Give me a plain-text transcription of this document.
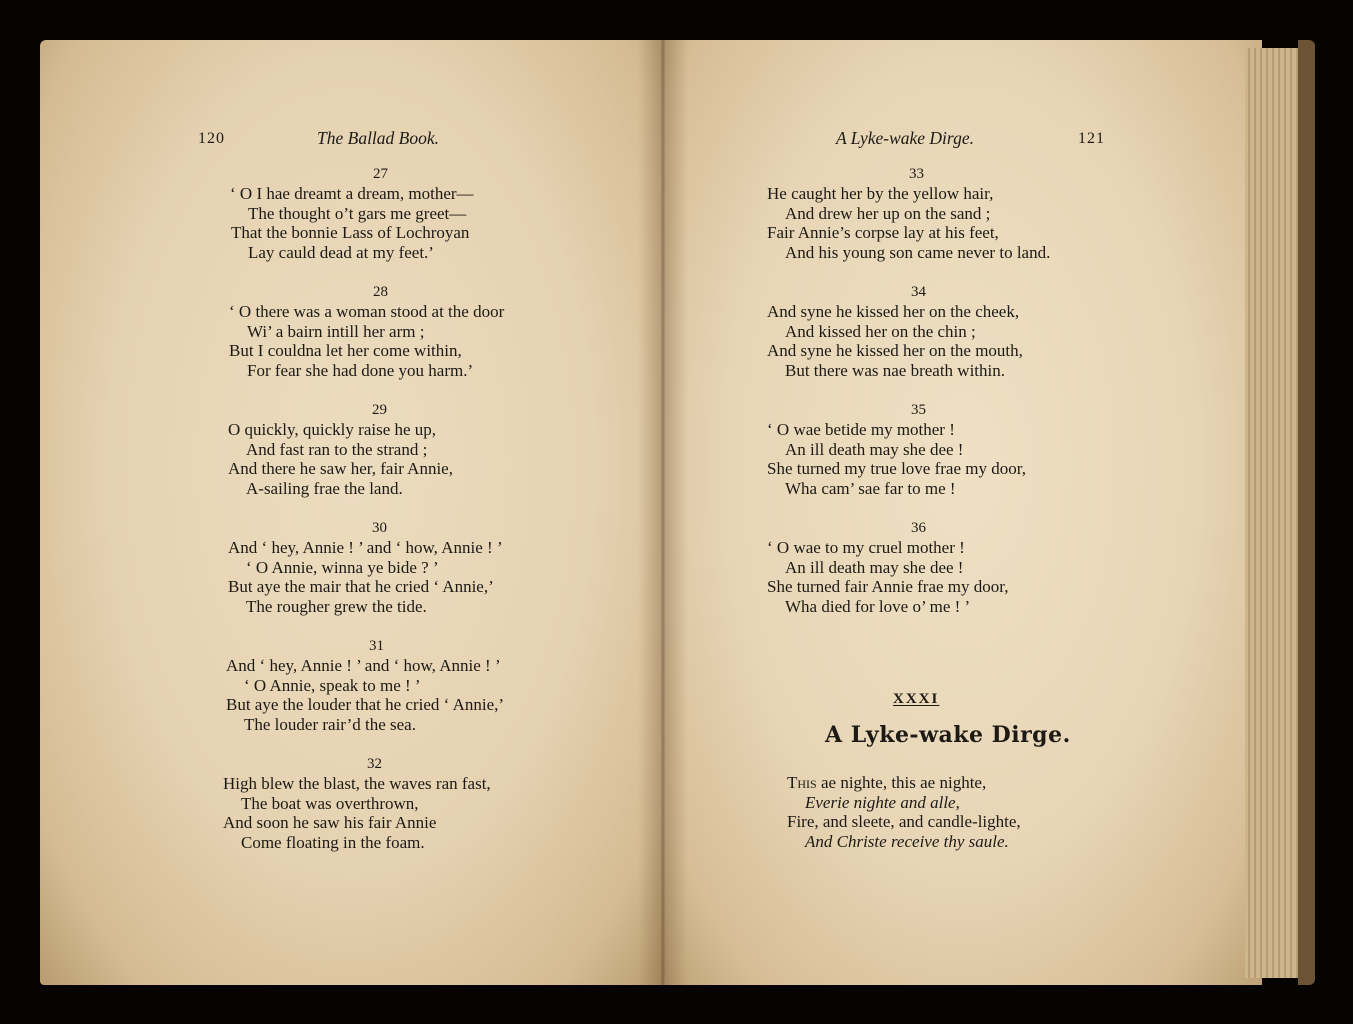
120	The Ballad Book.
27
‘ O I hae dreamt a dream, mother—
The thought o’t gars me greet—
That the bonnie Lass of Lochroyan
Lay cauld dead at my feet.’
28
‘ O there was a woman stood at the door
Wi’ a bairn intill her arm ;
But I couldna let her come within,
For fear she had done you harm.’
29
O quickly, quickly raise he up,
And fast ran to the strand ;
And there he saw her, fair Annie,
A-sailing frae the land.
30
And ‘ hey, Annie ! ’ and ‘ how, Annie ! ’
‘ O Annie, winna ye bide ? ’
But aye the mair that he cried ‘ Annie,’
The rougher grew the tide.
31
And ‘ hey, Annie ! ’ and ‘ how, Annie ! ’
‘ O Annie, speak to me ! ’
But aye the louder that he cried ‘ Annie,’
The louder rair’d the sea.
32
High blew the blast, the waves ran fast,
The boat was overthrown,
And soon he saw his fair Annie
Come floating in the foam.
A Lyke-wake Dirge.	121
33
He caught her by the yellow hair,
And drew her up on the sand ;
Fair Annie’s corpse lay at his feet,
And his young son came never to land.
34
And syne he kissed her on the cheek,
And kissed her on the chin ;
And syne he kissed her on the mouth,
But there was nae breath within.
35
‘ O wae betide my mother !
An ill death may she dee !
She turned my true love frae my door,
Wha cam’ sae far to me !
36
‘ O wae to my cruel mother !
An ill death may she dee !
She turned fair Annie frae my door,
Wha died for love o’ me ! ’
XXXI
A Lyke-wake Dirge.
This ae nighte, this ae nighte,
Everie nighte and alle,
Fire, and sleete, and candle-lighte,
And Christe receive thy saule.
